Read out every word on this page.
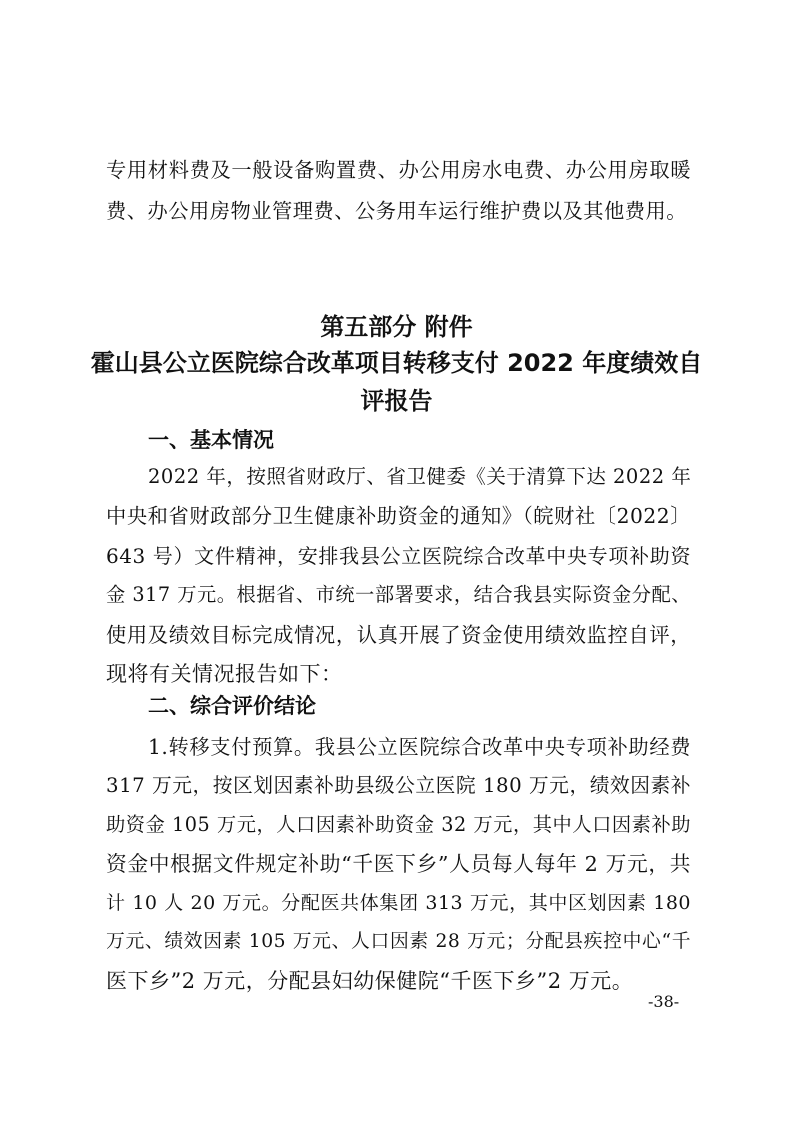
专用材料费及一般设备购置费、办公用房水电费、办公用房取暖
费、办公用房物业管理费、公务用车运行维护费以及其他费用。
第五部分 附件
霍山县公立医院综合改革项目转移支付 2022 年度绩效自
评报告
一、基本情况
2022 年，按照省财政厅、省卫健委《关于清算下达 2022 年
中央和省财政部分卫生健康补助资金的通知》（皖财社〔2022〕
643 号）文件精神，安排我县公立医院综合改革中央专项补助资
金 317 万元。根据省、市统一部署要求，结合我县实际资金分配、
使用及绩效目标完成情况，认真开展了资金使用绩效监控自评，
现将有关情况报告如下：
二、综合评价结论
1.转移支付预算。我县公立医院综合改革中央专项补助经费
317 万元，按区划因素补助县级公立医院 180 万元，绩效因素补
助资金 105 万元，人口因素补助资金 32 万元，其中人口因素补助
资金中根据文件规定补助“千医下乡”人员每人每年 2 万元，共
计 10 人 20 万元。分配医共体集团 313 万元，其中区划因素 180
万元、绩效因素 105 万元、人口因素 28 万元；分配县疾控中心“千
医下乡”2 万元，分配县妇幼保健院“千医下乡”2 万元。
-38-
